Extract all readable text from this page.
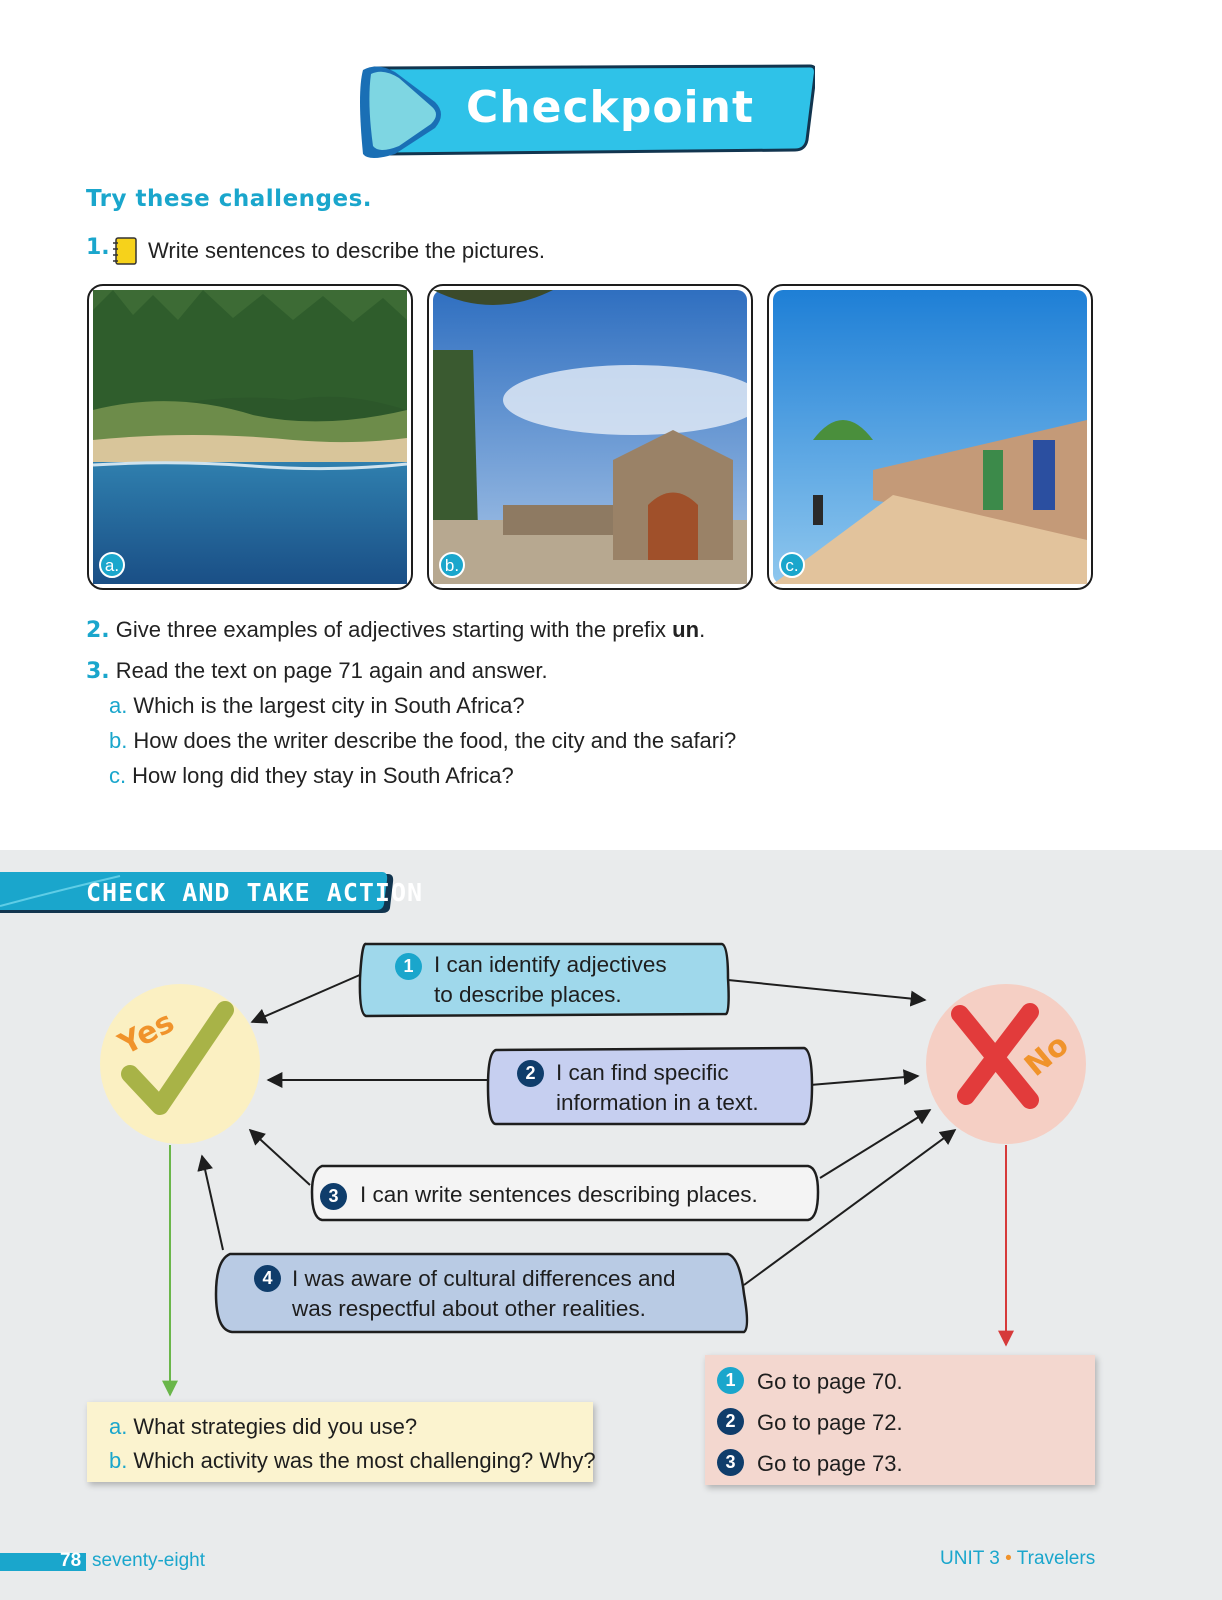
Checkpoint
Try these challenges.
1. Write sentences to describe the pictures.
a.	b.	c.
2. Give three examples of adjectives starting with the prefix un.
3. Read the text on page 71 again and answer.
a. Which is the largest city in South Africa?
b. How does the writer describe the food, the city and the safari?
c. How long did they stay in South Africa?
CHECK AND TAKE ACTION
Yes	No
1 I can identify adjectives
to describe places.
2 I can find specific
information in a text.
3 I can write sentences describing places.
4 I was aware of cultural differences and
was respectful about other realities.
a. What strategies did you use?
b. Which activity was the most challenging? Why?
1 Go to page 70.
2 Go to page 72.
3 Go to page 73.
78 seventy-eight	UNIT 3 • Travelers
